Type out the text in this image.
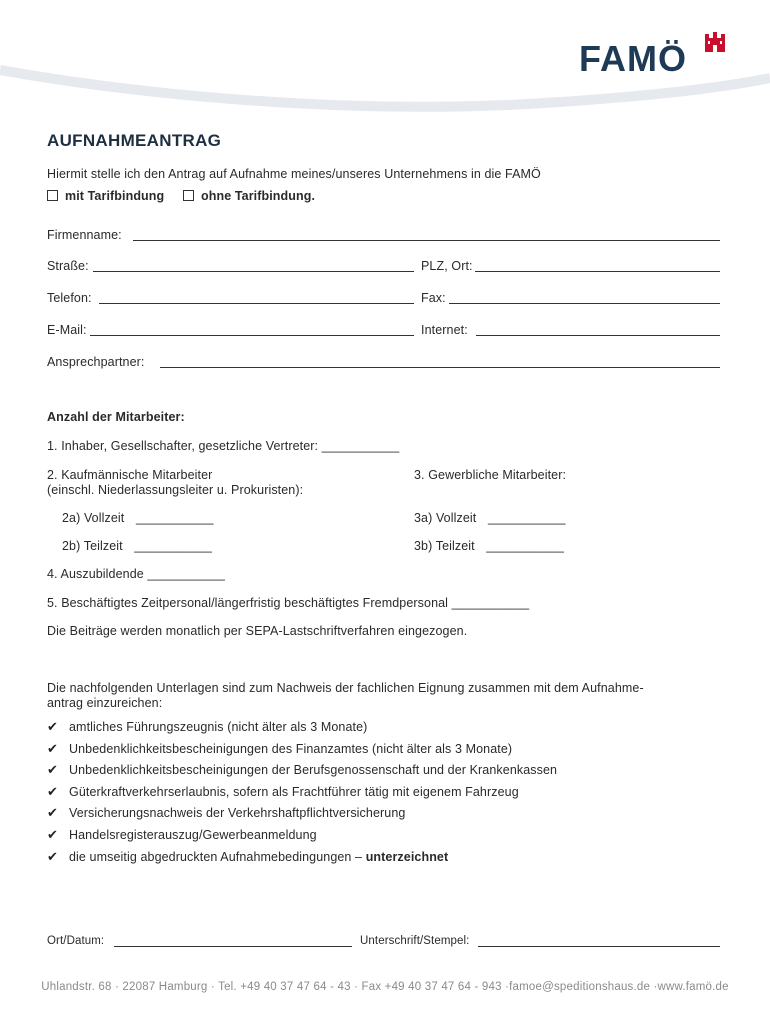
FAMÖ
AUFNAHMEANTRAG
Hiermit stelle ich den Antrag auf Aufnahme meines/unseres Unternehmens in die FAMÖ
mit Tarifbindung	ohne Tarifbindung.
Firmenname:
Straße:	PLZ, Ort:
Telefon:	Fax:
E-Mail:	Internet:
Ansprechpartner:
Anzahl der Mitarbeiter:
1. Inhaber, Gesellschafter, gesetzliche Vertreter: ___________
2. Kaufmännische Mitarbeiter
(einschl. Niederlassungsleiter u. Prokuristen):
3. Gewerbliche Mitarbeiter:
2a) Vollzeit ___________	3a) Vollzeit ___________
2b) Teilzeit ___________	3b) Teilzeit ___________
4. Auszubildende ___________
5. Beschäftigtes Zeitpersonal/längerfristig beschäftigtes Fremdpersonal ___________
Die Beiträge werden monatlich per SEPA-Lastschriftverfahren eingezogen.
Die nachfolgenden Unterlagen sind zum Nachweis der fachlichen Eignung zusammen mit dem Aufnahme-
antrag einzureichen:
✔ amtliches Führungszeugnis (nicht älter als 3 Monate)
✔ Unbedenklichkeitsbescheinigungen des Finanzamtes (nicht älter als 3 Monate)
✔ Unbedenklichkeitsbescheinigungen der Berufsgenossenschaft und der Krankenkassen
✔ Güterkraftverkehrserlaubnis, sofern als Frachtführer tätig mit eigenem Fahrzeug
✔ Versicherungsnachweis der Verkehrshaftpflichtversicherung
✔ Handelsregisterauszug/Gewerbeanmeldung
✔ die umseitig abgedruckten Aufnahmebedingungen – unterzeichnet
Ort/Datum:	Unterschrift/Stempel:
Uhlandstr. 68 · 22087 Hamburg · Tel. +49 40 37 47 64 - 43 · Fax +49 40 37 47 64 - 943 ·famoe@speditionshaus.de ·www.famö.de
